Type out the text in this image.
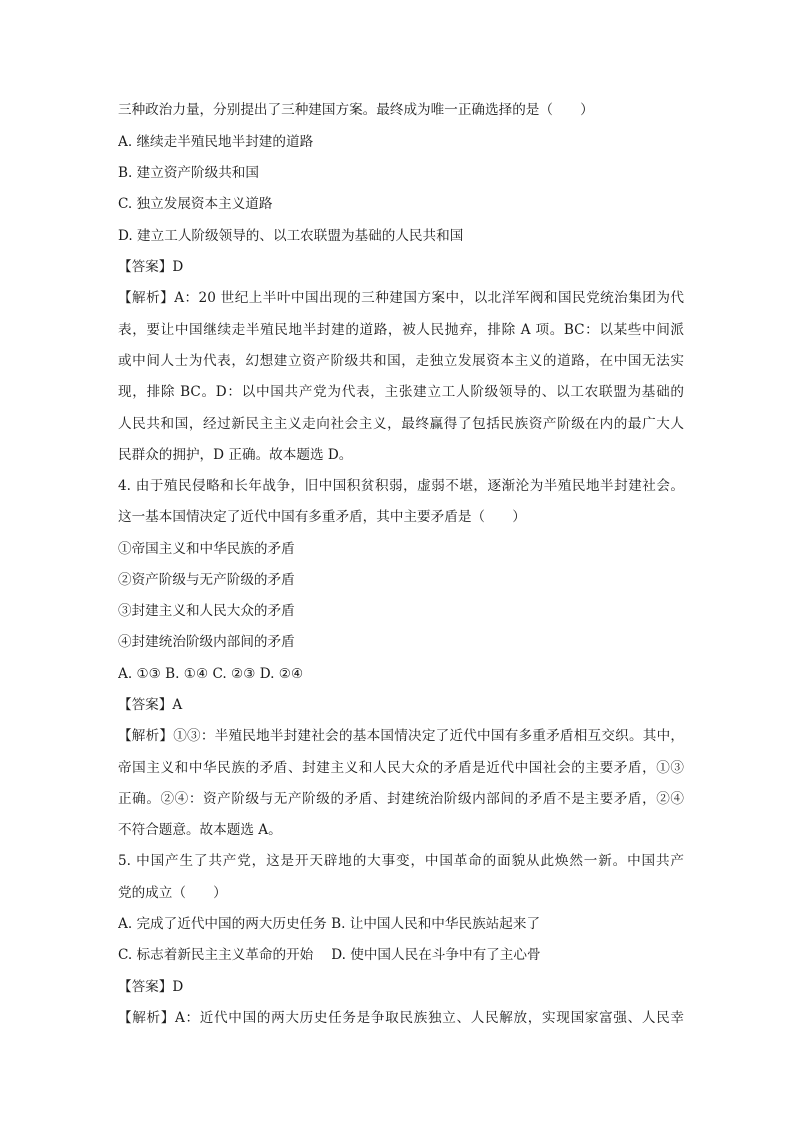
三种政治力量，分别提出了三种建国方案。最终成为唯一正确选择的是（　　）
A. 继续走半殖民地半封建的道路
B. 建立资产阶级共和国
C. 独立发展资本主义道路
D. 建立工人阶级领导的、以工农联盟为基础的人民共和国
【答案】D
【解析】A：20 世纪上半叶中国出现的三种建国方案中，以北洋军阀和国民党统治集团为代
表，要让中国继续走半殖民地半封建的道路，被人民抛弃，排除 A 项。BC：以某些中间派
或中间人士为代表，幻想建立资产阶级共和国，走独立发展资本主义的道路，在中国无法实
现，排除 BC。D：以中国共产党为代表，主张建立工人阶级领导的、以工农联盟为基础的
人民共和国，经过新民主主义走向社会主义，最终赢得了包括民族资产阶级在内的最广大人
民群众的拥护，D 正确。故本题选 D。
4. 由于殖民侵略和长年战争，旧中国积贫积弱，虚弱不堪，逐渐沦为半殖民地半封建社会。
这一基本国情决定了近代中国有多重矛盾，其中主要矛盾是（　　）
①帝国主义和中华民族的矛盾
②资产阶级与无产阶级的矛盾
③封建主义和人民大众的矛盾
④封建统治阶级内部间的矛盾
A. ①③ B. ①④ C. ②③ D. ②④
【答案】A
【解析】①③：半殖民地半封建社会的基本国情决定了近代中国有多重矛盾相互交织。其中，
帝国主义和中华民族的矛盾、封建主义和人民大众的矛盾是近代中国社会的主要矛盾，①③
正确。②④：资产阶级与无产阶级的矛盾、封建统治阶级内部间的矛盾不是主要矛盾，②④
不符合题意。故本题选 A。
5. 中国产生了共产党，这是开天辟地的大事变，中国革命的面貌从此焕然一新。中国共产
党的成立（　　）
A. 完成了近代中国的两大历史任务 B. 让中国人民和中华民族站起来了
C. 标志着新民主主义革命的开始　 D. 使中国人民在斗争中有了主心骨
【答案】D
【解析】A：近代中国的两大历史任务是争取民族独立、人民解放，实现国家富强、人民幸
